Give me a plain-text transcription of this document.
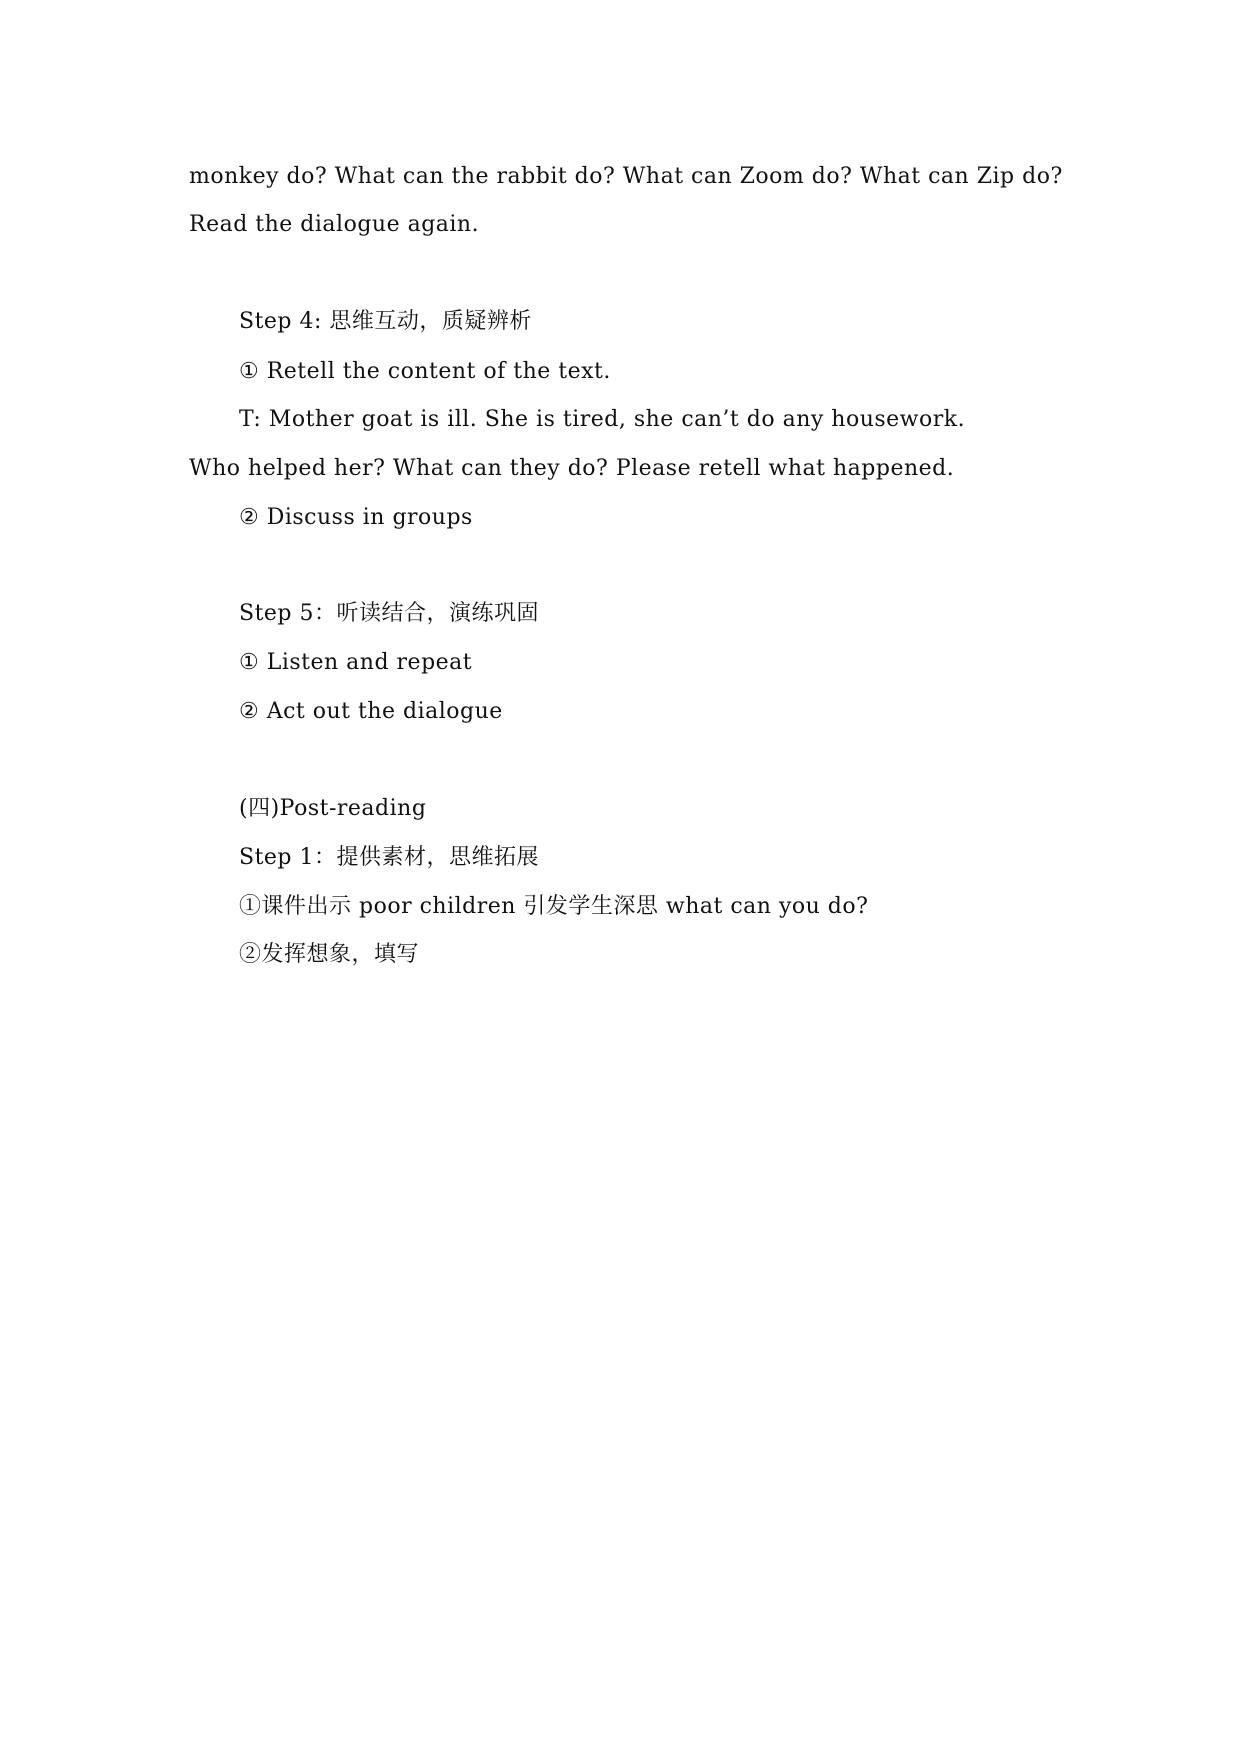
monkey do? What can the rabbit do? What can Zoom do? What can Zip do?
Read the dialogue again.
Step 4: 思维互动，质疑辨析
① Retell the content of the text.
T: Mother goat is ill. She is tired, she can’t do any housework.
Who helped her? What can they do? Please retell what happened.
② Discuss in groups
Step 5：听读结合，演练巩固
① Listen and repeat
② Act out the dialogue
(四)Post-reading
Step 1：提供素材，思维拓展
①课件出示 poor children 引发学生深思 what can you do?
②发挥想象，填写
